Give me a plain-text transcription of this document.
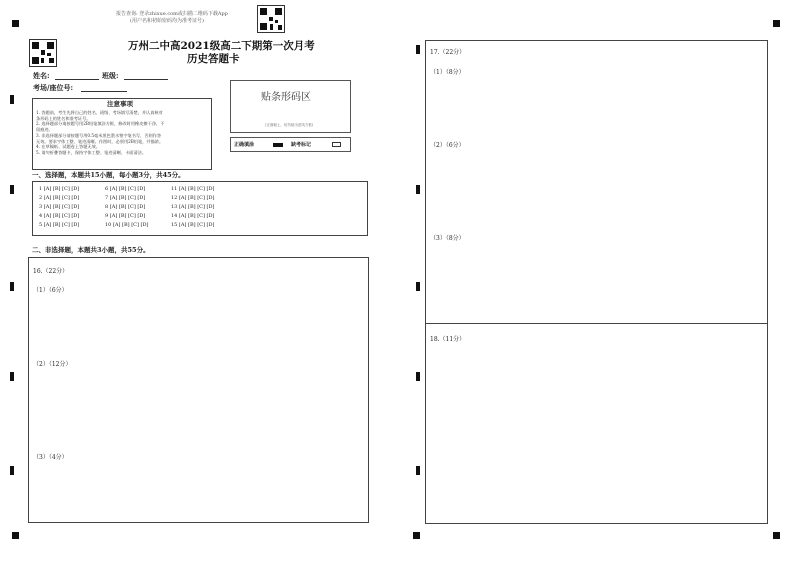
报告查询: 登录zhixue.com或扫描二维码下载App
(用户名和初始密码均为准考证号)
万州二中高2021级高二下期第一次月考
历史答题卡
姓名:	班级:
考场/座位号:
注意事项
1. 答题前，考生先将自己的姓名、班级、考场填写清楚，并认真核对
条形码上的姓名和准考证号。
2. 选择题部分请按题号用2B铅笔填涂方框，修改时用橡皮擦干净，不
留痕迹。
3. 非选择题部分请按题号用0.5毫米黑色墨水签字笔书写，否则作答
无效。要求字体工整、笔迹清晰。作图时，必须用2B铅笔，并描浓。
4. 在草稿纸、试题卷上答题无效。
5. 请勿折叠答题卡，保持字体工整、笔迹清晰、卡面清洁。
贴条形码区
(正面朝上，切勿贴出虚线方框)
正确填涂	缺考标记
一、选择题，本题共15小题，每小题3分，共45分。
1 [A] [B] [C] [D]	6 [A] [B] [C] [D]	11 [A] [B] [C] [D]
2 [A] [B] [C] [D]	7 [A] [B] [C] [D]	12 [A] [B] [C] [D]
3 [A] [B] [C] [D]	8 [A] [B] [C] [D]	13 [A] [B] [C] [D]
4 [A] [B] [C] [D]	9 [A] [B] [C] [D]	14 [A] [B] [C] [D]
5 [A] [B] [C] [D]	10 [A] [B] [C] [D]	15 [A] [B] [C] [D]
二、非选择题，本题共3小题，共55分。
16.（22分）
（1）（6分）
（2）（12分）
（3）（4分）
17.（22分）
（1）（8分）
（2）（6分）
（3）（8分）
18.（11分）
